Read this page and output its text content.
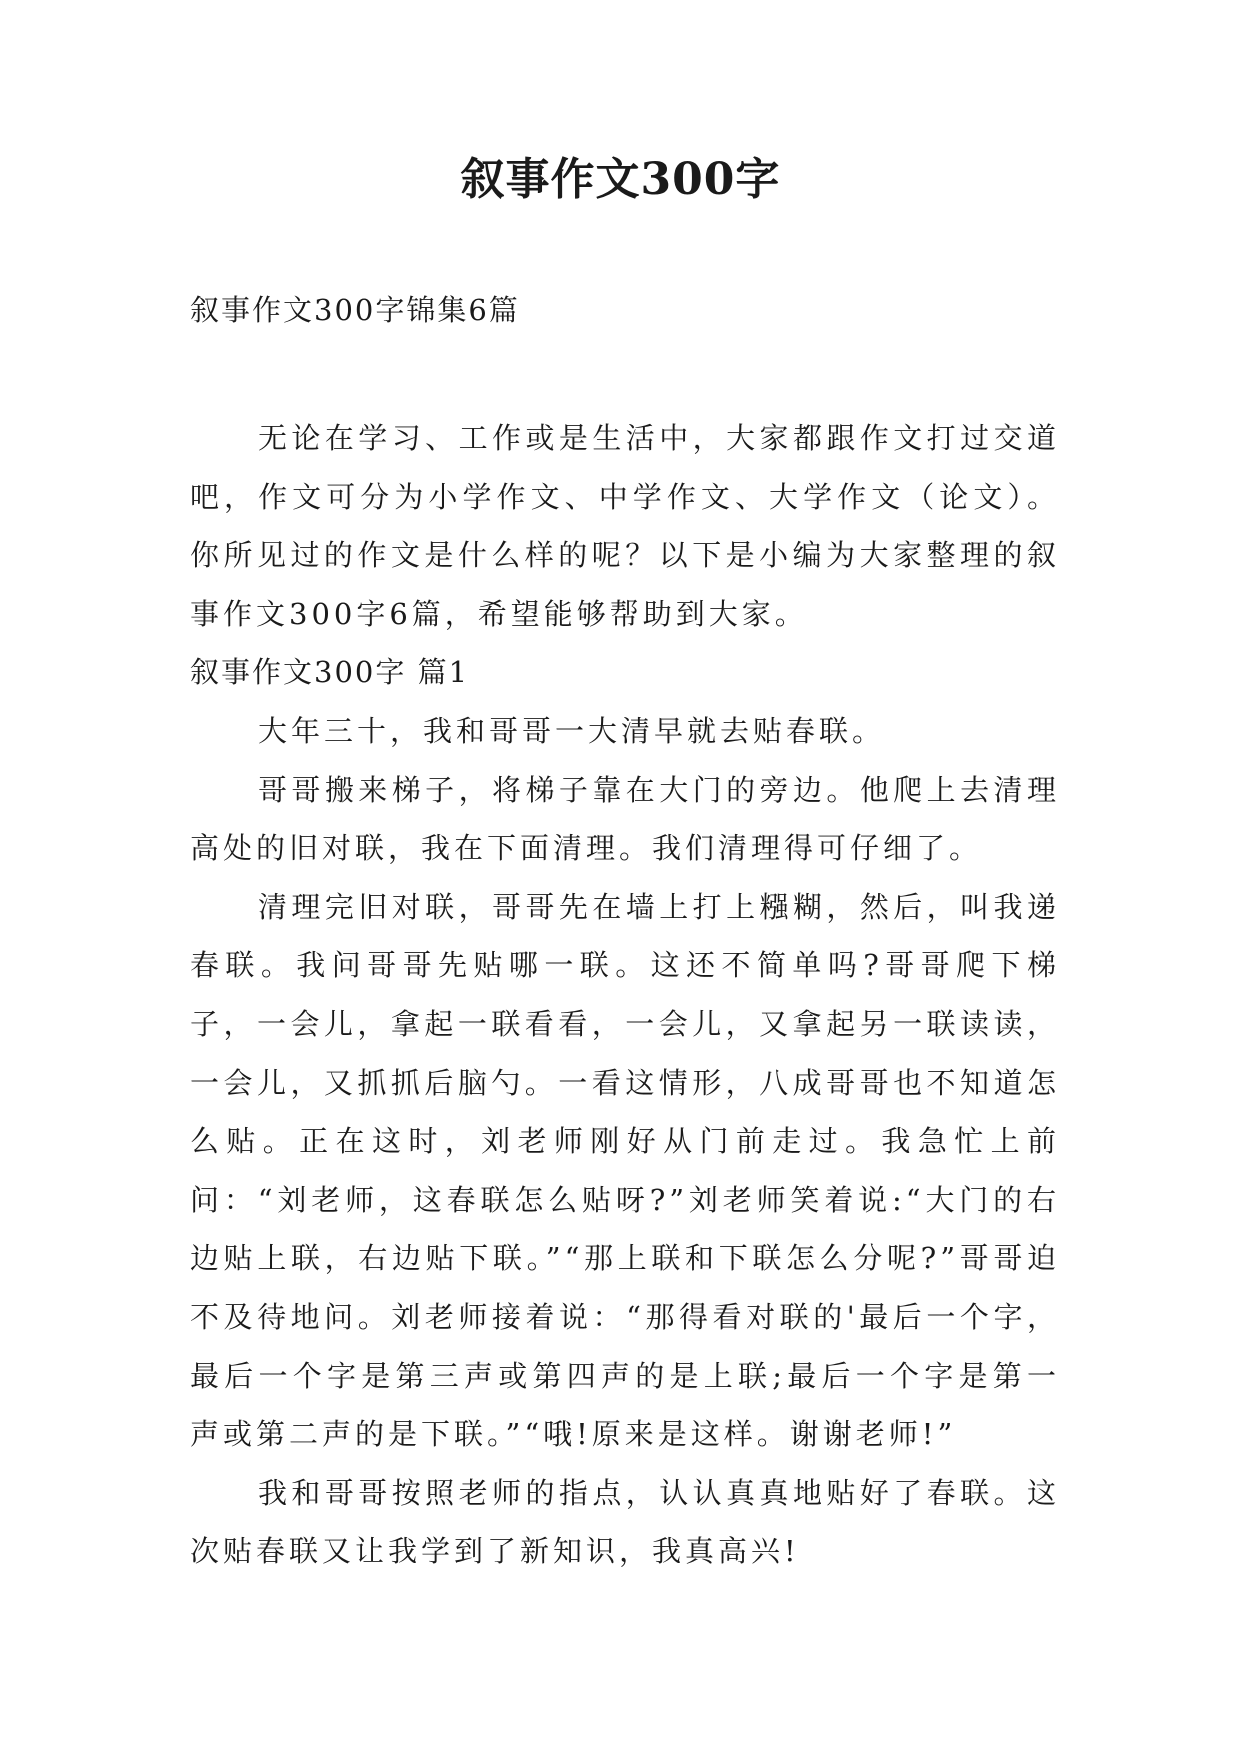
叙事作文300字
叙事作文300字锦集6篇

无论在学习、工作或是生活中，大家都跟作文打过交道吧，作文可分为小学作文、中学作文、大学作文（论文）。你所见过的作文是什么样的呢？以下是小编为大家整理的叙事作文300字6篇，希望能够帮助到大家。

叙事作文300字 篇1

大年三十，我和哥哥一大清早就去贴春联。

哥哥搬来梯子，将梯子靠在大门的旁边。他爬上去清理高处的旧对联，我在下面清理。我们清理得可仔细了。

清理完旧对联，哥哥先在墙上打上糨糊，然后，叫我递春联。我问哥哥先贴哪一联。这还不简单吗?哥哥爬下梯子，一会儿，拿起一联看看，一会儿，又拿起另一联读读，一会儿，又抓抓后脑勺。一看这情形，八成哥哥也不知道怎么贴。正在这时，刘老师刚好从门前走过。我急忙上前问：“刘老师，这春联怎么贴呀?”刘老师笑着说:“大门的右边贴上联，右边贴下联。”“那上联和下联怎么分呢?”哥哥迫不及待地问。刘老师接着说：“那得看对联的'最后一个字，最后一个字是第三声或第四声的是上联;最后一个字是第一声或第二声的是下联。”“哦!原来是这样。谢谢老师!”

我和哥哥按照老师的指点，认认真真地贴好了春联。这次贴春联又让我学到了新知识，我真高兴!
